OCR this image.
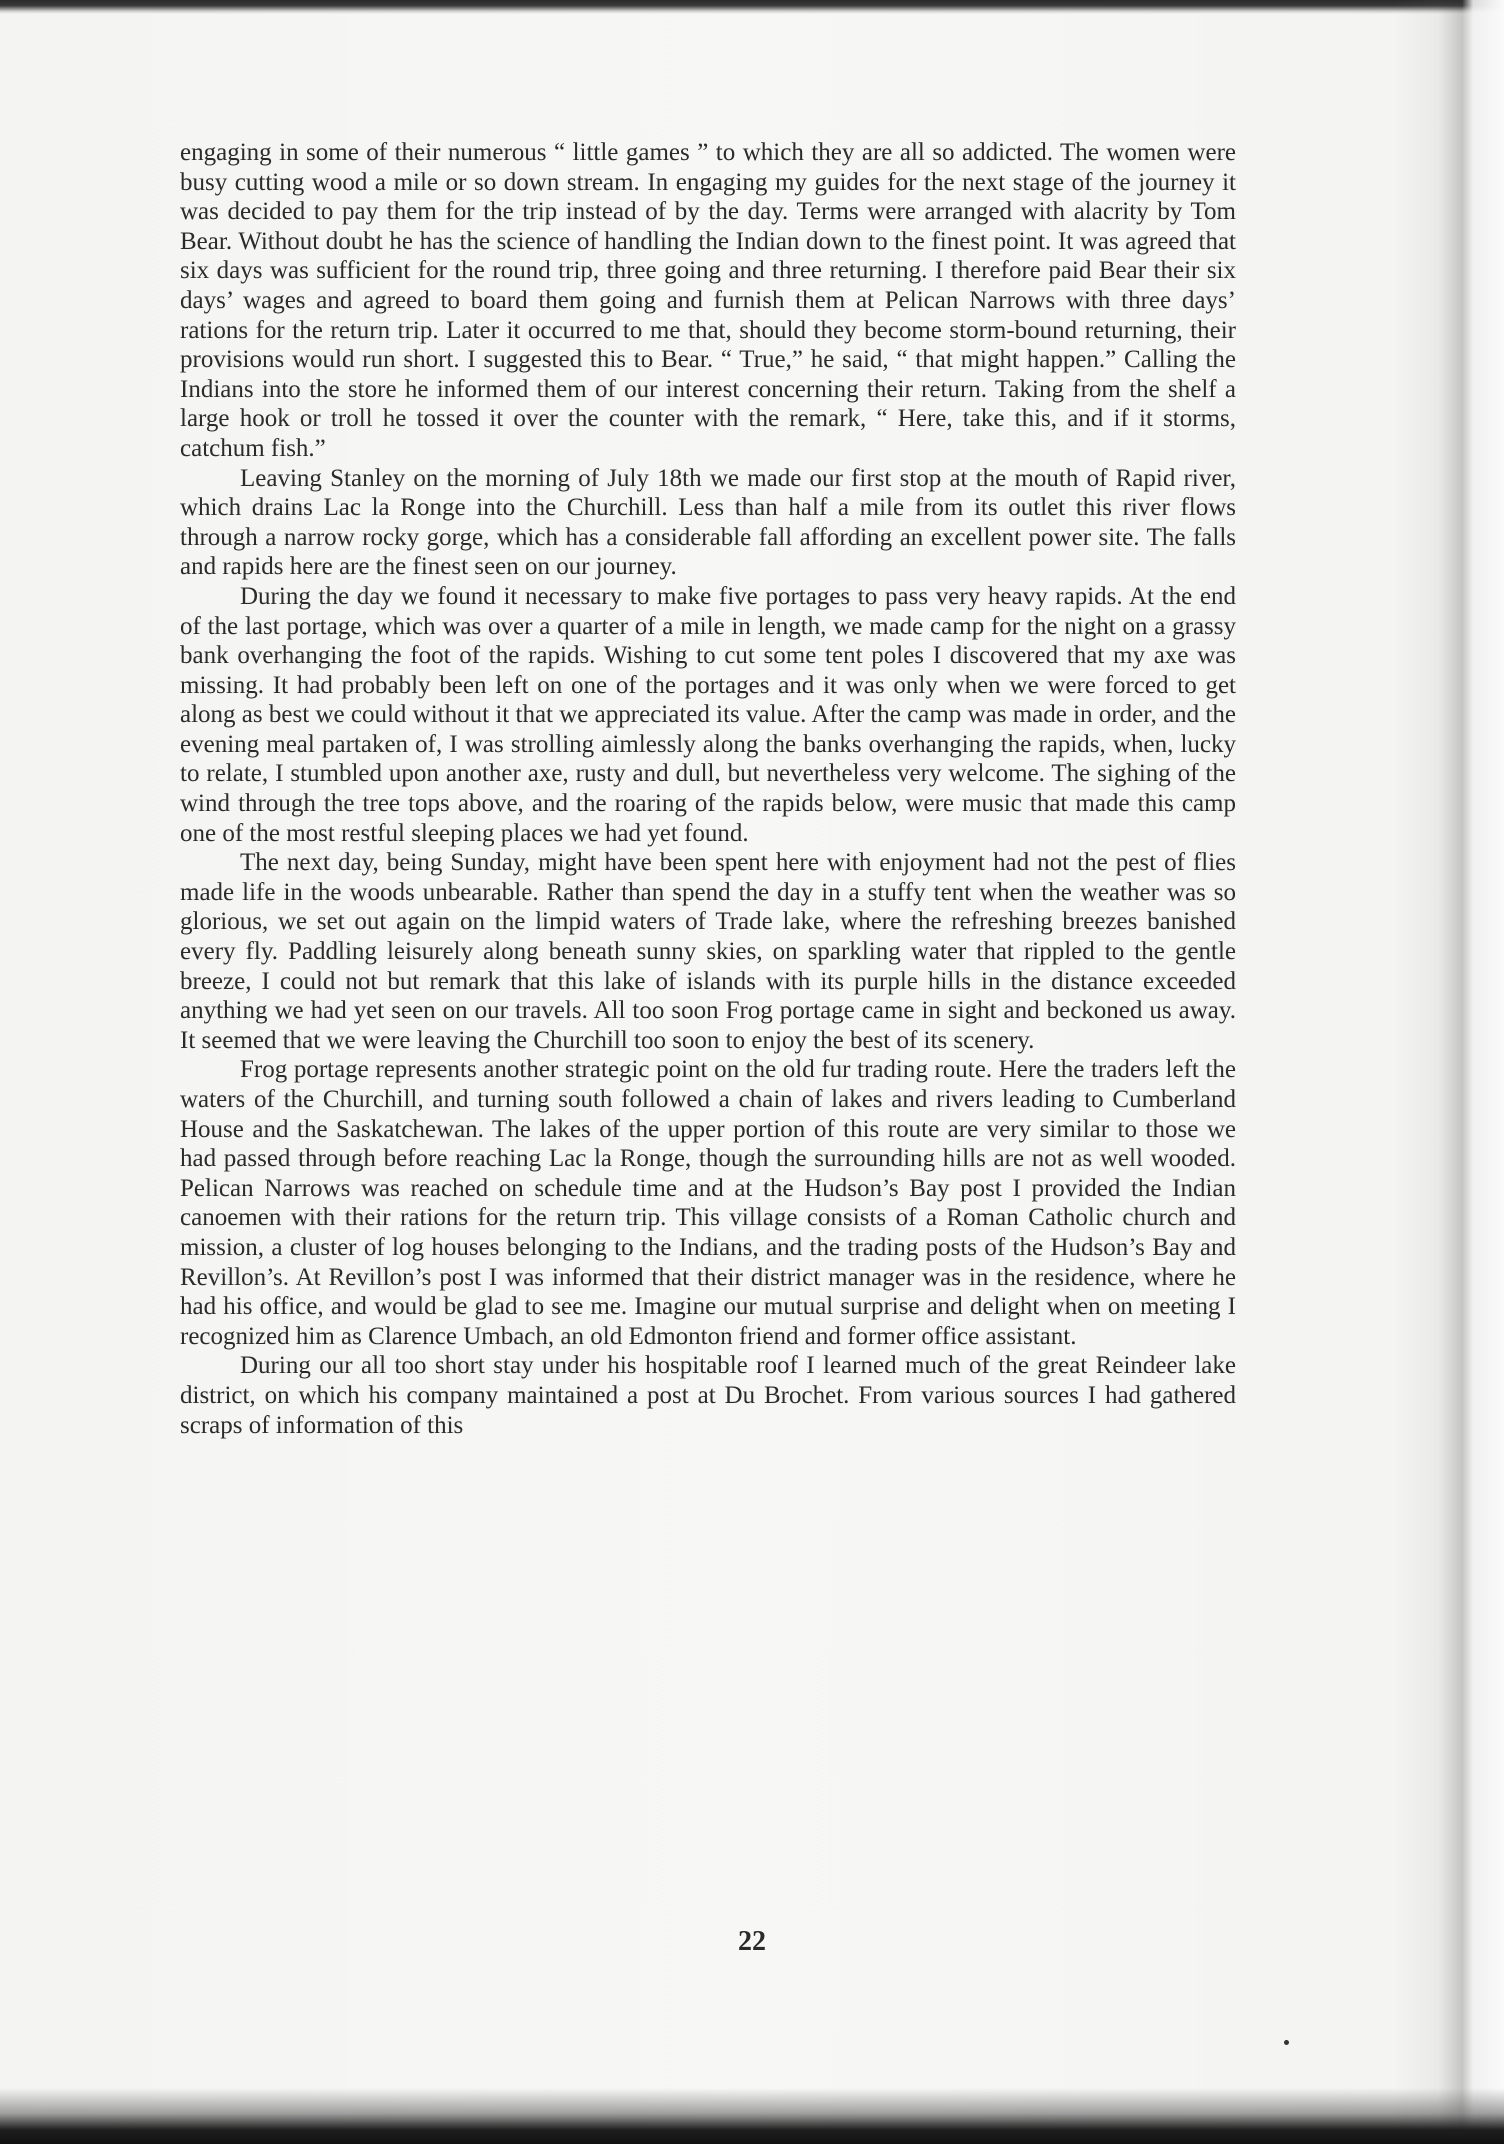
engaging in some of their numerous “ little games ” to which they are all so addicted. The women were busy cutting wood a mile or so down stream. In engaging my guides for the next stage of the journey it was decided to pay them for the trip instead of by the day. Terms were arranged with alacrity by Tom Bear. Without doubt he has the science of handling the Indian down to the finest point. It was agreed that six days was sufficient for the round trip, three going and three returning. I therefore paid Bear their six days’ wages and agreed to board them going and furnish them at Pelican Narrows with three days’ rations for the return trip. Later it occurred to me that, should they become storm-bound returning, their provisions would run short. I suggested this to Bear. “ True,” he said, “ that might happen.” Calling the Indians into the store he informed them of our interest concerning their return. Taking from the shelf a large hook or troll he tossed it over the counter with the remark, “ Here, take this, and if it storms, catchum fish.”

Leaving Stanley on the morning of July 18th we made our first stop at the mouth of Rapid river, which drains Lac la Ronge into the Churchill. Less than half a mile from its outlet this river flows through a narrow rocky gorge, which has a considerable fall affording an excellent power site. The falls and rapids here are the finest seen on our journey.

During the day we found it necessary to make five portages to pass very heavy rapids. At the end of the last portage, which was over a quarter of a mile in length, we made camp for the night on a grassy bank overhanging the foot of the rapids. Wishing to cut some tent poles I discovered that my axe was missing. It had probably been left on one of the portages and it was only when we were forced to get along as best we could without it that we appreciated its value. After the camp was made in order, and the evening meal partaken of, I was strolling aimlessly along the banks overhanging the rapids, when, lucky to relate, I stumbled upon another axe, rusty and dull, but nevertheless very welcome. The sighing of the wind through the tree tops above, and the roaring of the rapids below, were music that made this camp one of the most restful sleeping places we had yet found.

The next day, being Sunday, might have been spent here with enjoyment had not the pest of flies made life in the woods unbearable. Rather than spend the day in a stuffy tent when the weather was so glorious, we set out again on the limpid waters of Trade lake, where the refreshing breezes banished every fly. Paddling leisurely along beneath sunny skies, on sparkling water that rippled to the gentle breeze, I could not but remark that this lake of islands with its purple hills in the distance exceeded anything we had yet seen on our travels. All too soon Frog portage came in sight and beckoned us away. It seemed that we were leaving the Churchill too soon to enjoy the best of its scenery.

Frog portage represents another strategic point on the old fur trading route. Here the traders left the waters of the Churchill, and turning south followed a chain of lakes and rivers leading to Cumberland House and the Saskatchewan. The lakes of the upper portion of this route are very similar to those we had passed through before reaching Lac la Ronge, though the surrounding hills are not as well wooded. Pelican Narrows was reached on schedule time and at the Hudson’s Bay post I provided the Indian canoemen with their rations for the return trip. This village consists of a Roman Catholic church and mission, a cluster of log houses belonging to the Indians, and the trading posts of the Hudson’s Bay and Revillon’s. At Revillon’s post I was informed that their district manager was in the residence, where he had his office, and would be glad to see me. Imagine our mutual surprise and delight when on meeting I recognized him as Clarence Umbach, an old Edmonton friend and former office assistant.

During our all too short stay under his hospitable roof I learned much of the great Reindeer lake district, on which his company maintained a post at Du Brochet. From various sources I had gathered scraps of information of this

22
